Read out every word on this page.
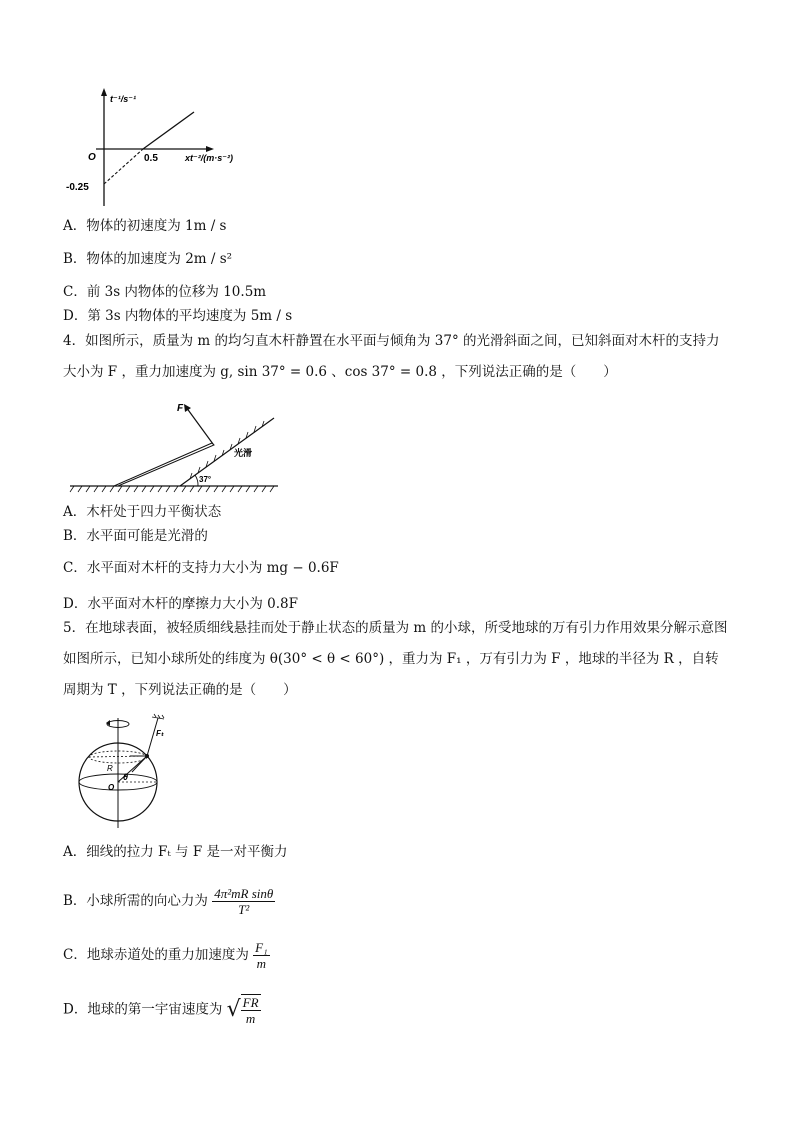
t⁻¹/s⁻¹
O	0.5	xt⁻²/(m·s⁻²)
-0.25
A．物体的初速度为 1m / s
B．物体的加速度为 2m / s²
C．前 3s 内物体的位移为 10.5m
D．第 3s 内物体的平均速度为 5m / s
4．如图所示，质量为 m 的均匀直木杆静置在水平面与倾角为 37° 的光滑斜面之间，已知斜面对木杆的支持力大小为 F ，重力加速度为 g, sin 37° = 0.6 、cos 37° = 0.8 ，下列说法正确的是（　　）
37°
F
光滑
A．木杆处于四力平衡状态
B．水平面可能是光滑的
C．水平面对木杆的支持力大小为 mg − 0.6F
D．水平面对木杆的摩擦力大小为 0.8F
5．在地球表面，被轻质细线悬挂而处于静止状态的质量为 m 的小球，所受地球的万有引力作用效果分解示意图如图所示，已知小球所处的纬度为 θ(30° < θ < 60°) ，重力为 F₁ ，万有引力为 F ，地球的半径为 R ，自转周期为 T ，下列说法正确的是（　　）
Fₜ
R
θ
O
A．细线的拉力 Fₜ 与 F 是一对平衡力
B．小球所需的向心力为 $\frac{\text{4π²mR sinθ}}{\text{T²}}$
C．地球赤道处的重力加速度为 $\frac{\text{F₁}}{m}$
D．地球的第一宇宙速度为 √ $\frac{FR}{m}$
